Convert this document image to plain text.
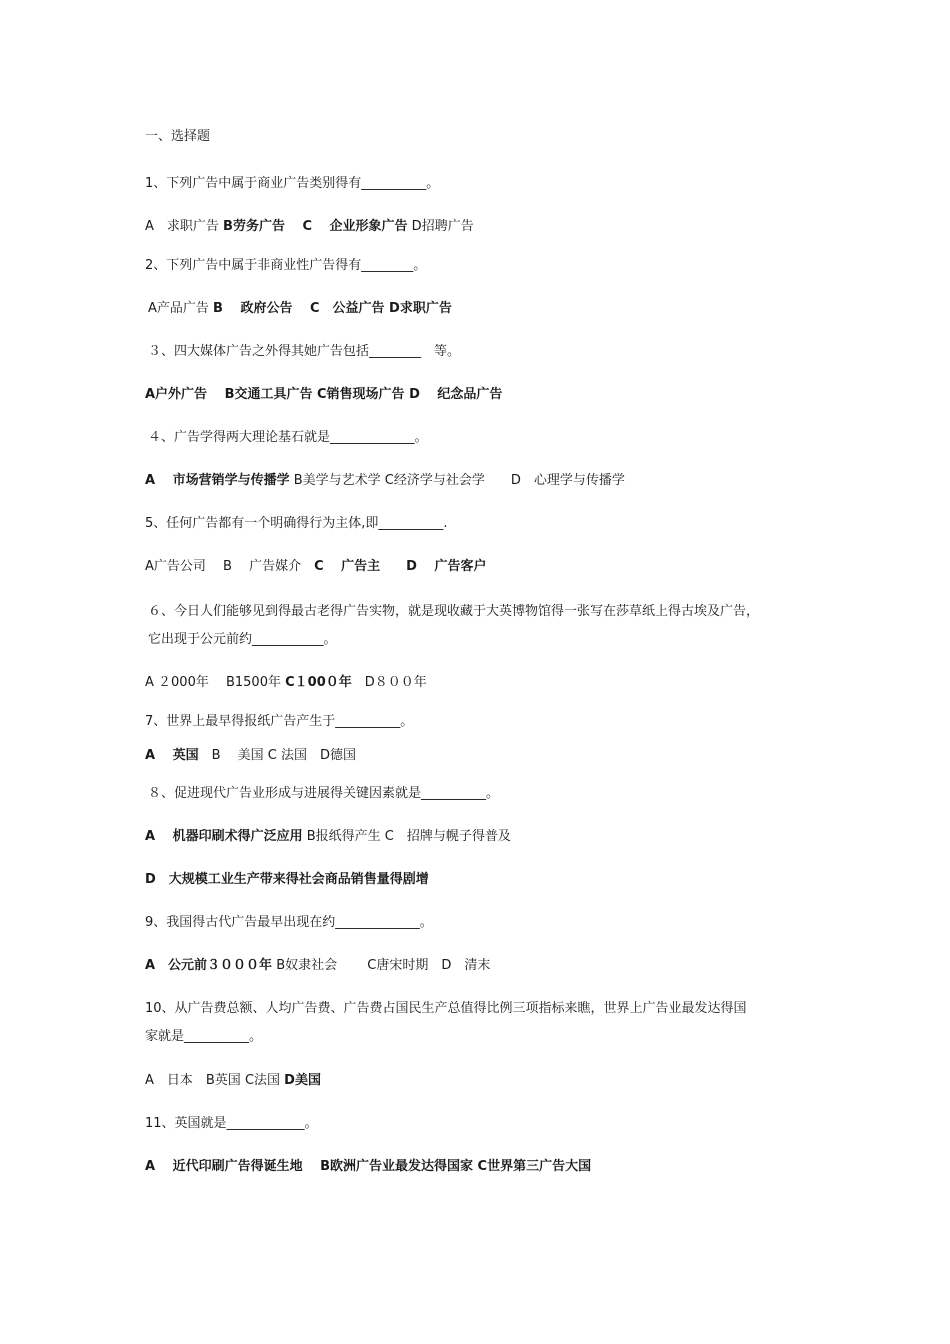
一、选择题
1、下列广告中属于商业广告类别得有__________。
A　求职广告 B劳务广告　 C　 企业形象广告 D招聘广告
2、下列广告中属于非商业性广告得有________。
A产品广告 B　 政府公告　 C　公益广告 D求职广告
３、四大媒体广告之外得其她广告包括________　等。
A户外广告　 B交通工具广告 C销售现场广告 D　 纪念品广告
４、广告学得两大理论基石就是_____________。
A　 市场营销学与传播学 B美学与艺术学 C经济学与社会学　　D　心理学与传播学
5、任何广告都有一个明确得行为主体,即__________.
A广告公司　 B　 广告媒介　C　 广告主　　D　 广告客户
６、今日人们能够见到得最古老得广告实物，就是现收藏于大英博物馆得一张写在莎草纸上得古埃及广告，
它出现于公元前约___________。
A ２000年　 B1500年 C１00０年　D８００年
7、世界上最早得报纸广告产生于__________。
A　 英国　B　 美国 C 法国　D德国
８、促进现代广告业形成与进展得关键因素就是__________。
A　 机器印刷术得广泛应用 B报纸得产生 C　招牌与幌子得普及
D　大规模工业生产带来得社会商品销售量得剧增
9、我国得古代广告最早出现在约_____________。
A　公元前３０００年 B奴隶社会　　 C唐宋时期　D　清末
10、从广告费总额、人均广告费、广告费占国民生产总值得比例三项指标来瞧，世界上广告业最发达得国
家就是__________。
A　日本　B英国 C法国 D美国
11、英国就是____________。
A　 近代印刷广告得诞生地　 B欧洲广告业最发达得国家 C世界第三广告大国
